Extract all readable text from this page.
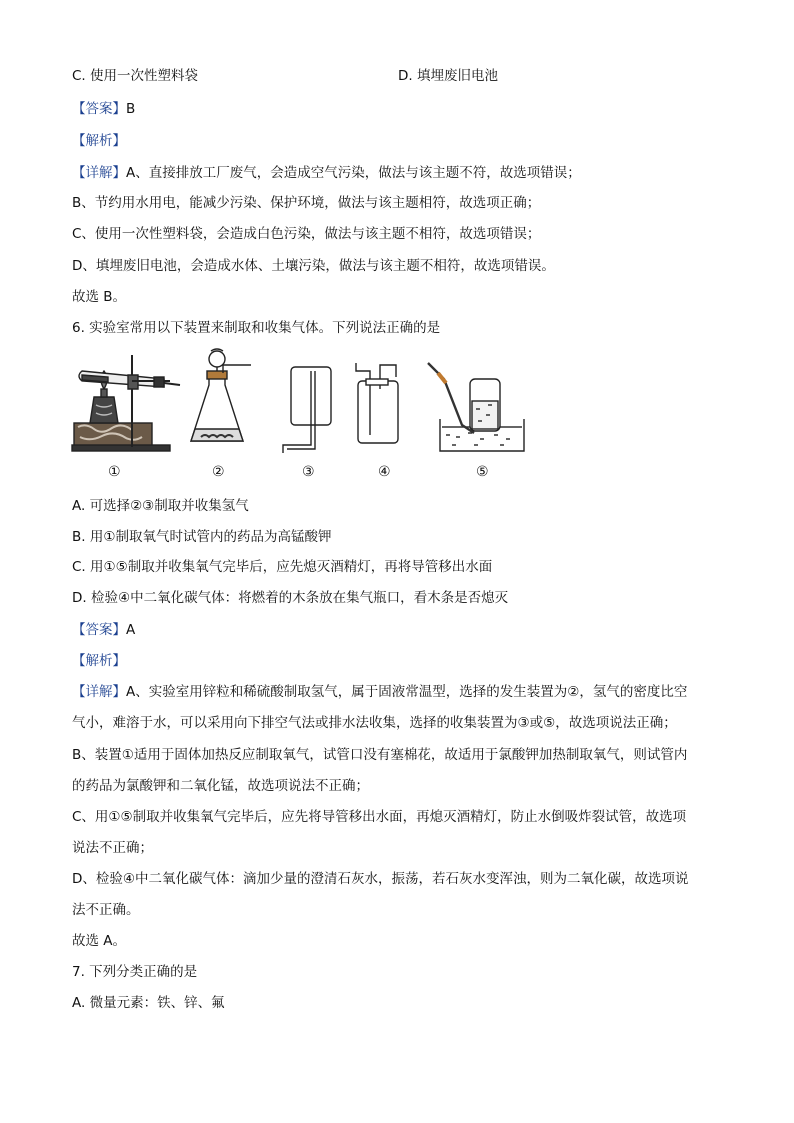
C. 使用一次性塑料袋	D. 填埋废旧电池
【答案】B
【解析】
【详解】A、直接排放工厂废气，会造成空气污染，做法与该主题不符，故选项错误；
B、节约用水用电，能减少污染、保护环境，做法与该主题相符，故选项正确；
C、使用一次性塑料袋，会造成白色污染，做法与该主题不相符，故选项错误；
D、填埋废旧电池，会造成水体、土壤污染，做法与该主题不相符，故选项错误。
故选 B。
6. 实验室常用以下装置来制取和收集气体。下列说法正确的是
①	②	③	④	⑤
A. 可选择②③制取并收集氢气
B. 用①制取氧气时试管内的药品为高锰酸钾
C. 用①⑤制取并收集氧气完毕后，应先熄灭酒精灯，再将导管移出水面
D. 检验④中二氧化碳气体：将燃着的木条放在集气瓶口，看木条是否熄灭
【答案】A
【解析】
【详解】A、实验室用锌粒和稀硫酸制取氢气，属于固液常温型，选择的发生装置为②，氢气的密度比空
气小，难溶于水，可以采用向下排空气法或排水法收集，选择的收集装置为③或⑤，故选项说法正确；
B、装置①适用于固体加热反应制取氧气，试管口没有塞棉花，故适用于氯酸钾加热制取氧气，则试管内
的药品为氯酸钾和二氧化锰，故选项说法不正确；
C、用①⑤制取并收集氧气完毕后，应先将导管移出水面，再熄灭酒精灯，防止水倒吸炸裂试管，故选项
说法不正确；
D、检验④中二氧化碳气体：滴加少量的澄清石灰水，振荡，若石灰水变浑浊，则为二氧化碳，故选项说
法不正确。
故选 A。
7. 下列分类正确的是
A. 微量元素：铁、锌、氟
